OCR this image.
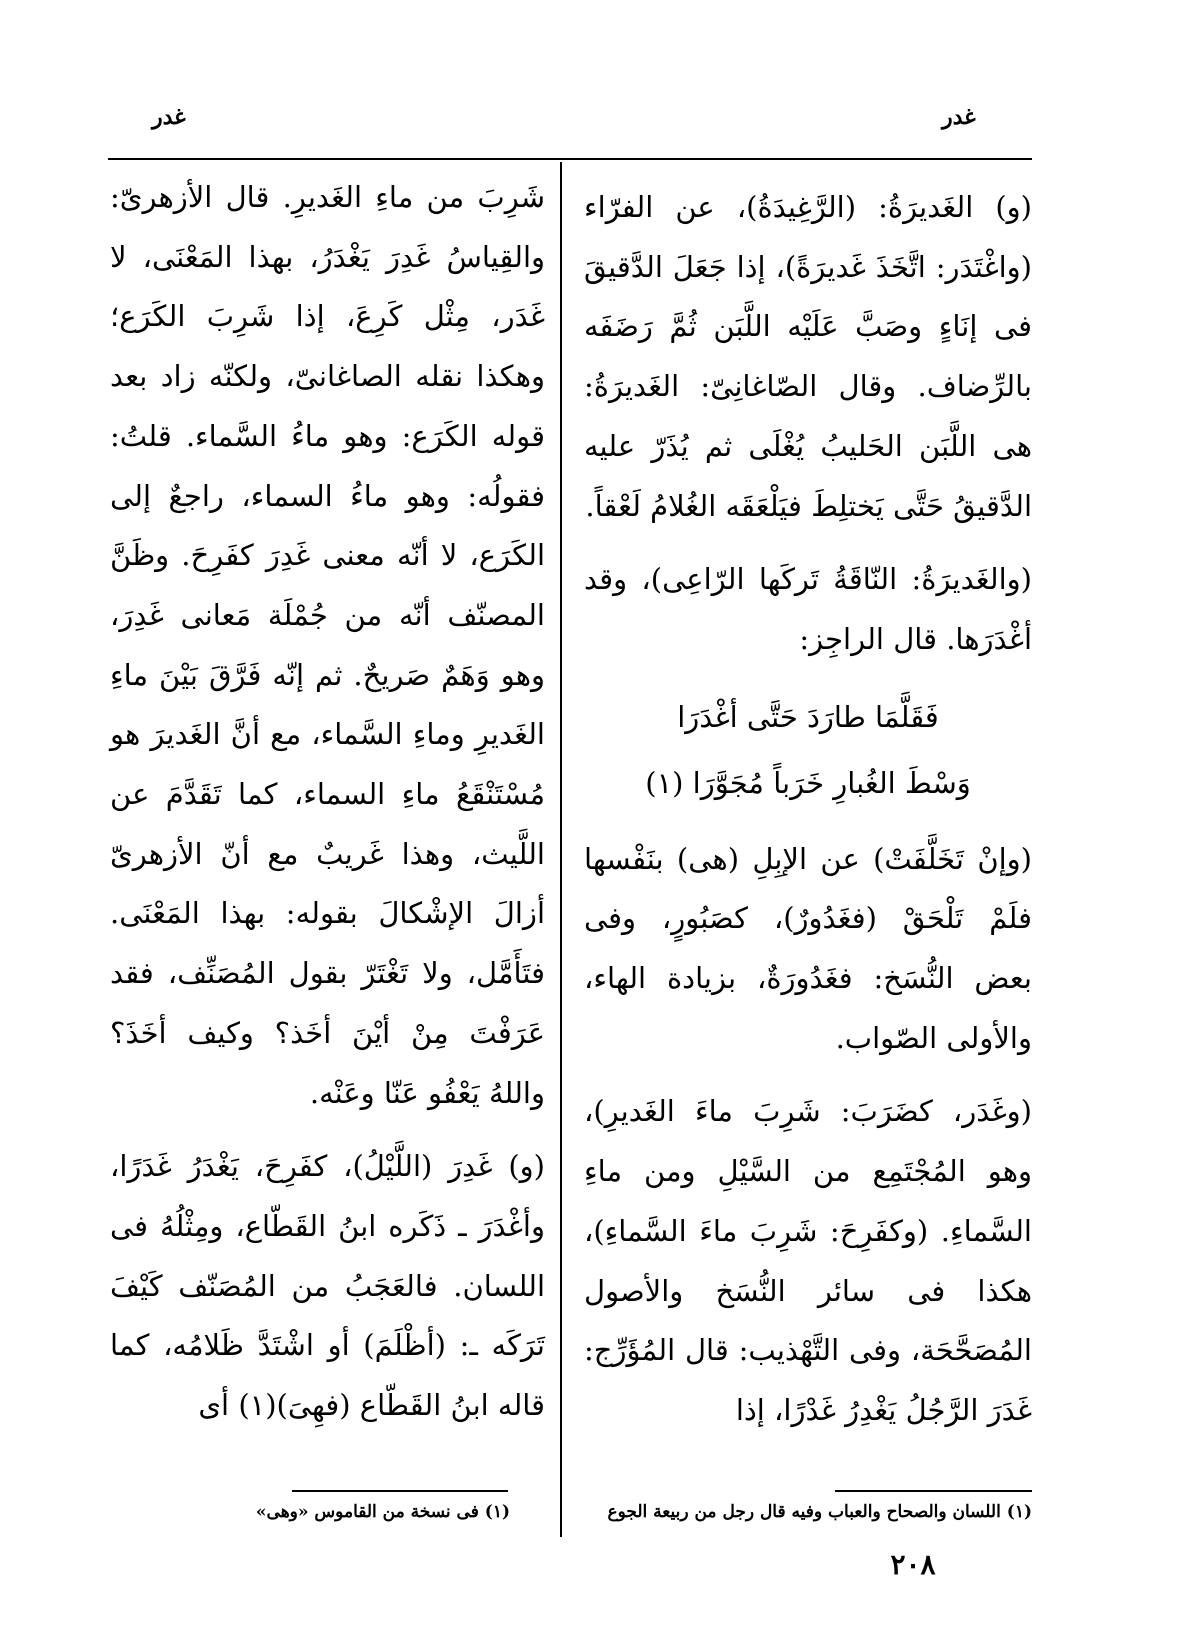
غدر	غدر

(و) الغَديرَةُ: (الرَّغِيدَةُ)، عن الفرّاء (واغْتَدَر: اتَّخَذَ غَديرَةً)، إذا جَعَلَ الدَّقيقَ فى إنَاءٍ وصَبَّ عَلَيْه اللَّبَن ثُمَّ رَضَفَه بالرِّضاف. وقال الصّاغانِىّ: الغَديرَةُ: هى اللَّبَن الحَليبُ يُغْلَى ثم يُذَرّ عليه الدَّقيقُ حَتَّى يَختلِطَ فيَلْعَقَه الغُلامُ لَعْقاً.

(والغَديرَةُ: النّاقَةُ تَركَها الرّاعِى)، وقد أغْدَرَها. قال الراجِز:

فَقَلَّمَا طارَدَ حَتَّى أغْدَرَا
وَسْطَ الغُبارِ خَرَباً مُجَوَّرَا (١)

(وإنْ تَخَلَّفَتْ) عن الإبِلِ (هى) بنَفْسها فلَمْ تَلْحَقْ (فغَدُورٌ)، كصَبُورٍ، وفى بعض النُّسَخ: فغَدُورَةٌ، بزيادة الهاء، والأولى الصّواب.

(وغَدَر، كضَرَبَ: شَرِبَ ماءَ الغَديرِ)، وهو المُجْتَمِع من السَّيْلِ ومن ماءِ السَّماءِ. (وكفَرِحَ: شَرِبَ ماءَ السَّماءِ)، هكذا فى سائر النُّسَخ والأصول المُصَحَّحَة، وفى التَّهْذيب: قال المُؤَرِّج: غَدَرَ الرَّجُلُ يَغْدِرُ غَدْرًا، إذا

شَرِبَ من ماءِ الغَديرِ. قال الأزهرىّ: والقِياسُ غَدِرَ يَغْدَرُ، بهذا المَعْنَى، لا غَدَر، مِثْل كَرِعَ، إذا شَرِبَ الكَرَع؛ وهكذا نقله الصاغانىّ، ولكنّه زاد بعد قوله الكَرَع: وهو ماءُ السَّماء. قلتُ: فقولُه: وهو ماءُ السماء، راجعٌ إلى الكَرَع، لا أنّه معنى غَدِرَ كفَرِحَ. وظَنَّ المصنّف أنّه من جُمْلَة مَعانى غَدِرَ، وهو وَهَمٌ صَريحٌ. ثم إنّه فَرَّقَ بَيْنَ ماءِ الغَديرِ وماءِ السَّماء، مع أنَّ الغَديرَ هو مُسْتَنْقَعُ ماءِ السماء، كما تَقَدَّمَ عن اللَّيث، وهذا غَريبٌ مع أنّ الأزهرىّ أزالَ الإشْكالَ بقوله: بهذا المَعْنَى. فتَأَمَّل، ولا تَغْتَرّ بقول المُصَنِّف، فقد عَرَفْتَ مِنْ أيْنَ أخَذ؟ وكيف أخَذَ؟ واللهُ يَعْفُو عَنّا وعَنْه.

(و) غَدِرَ (اللَّيْلُ)، كفَرِحَ، يَغْدَرُ غَدَرًا، وأغْدَرَ ـ ذَكَره ابنُ القَطّاع، ومِثْلُهُ فى اللسان. فالعَجَبُ من المُصَنّف كَيْفَ تَرَكَه ـ: (أظْلَمَ) أو اشْتَدَّ ظَلامُه، كما قاله ابنُ القَطّاع (فهِىَ)(١) أى

(١) اللسان والصحاح والعباب وفيه قال رجل من ربيعة الجوع
(١) فى نسخة من القاموس «وهى»
٢٠٨
